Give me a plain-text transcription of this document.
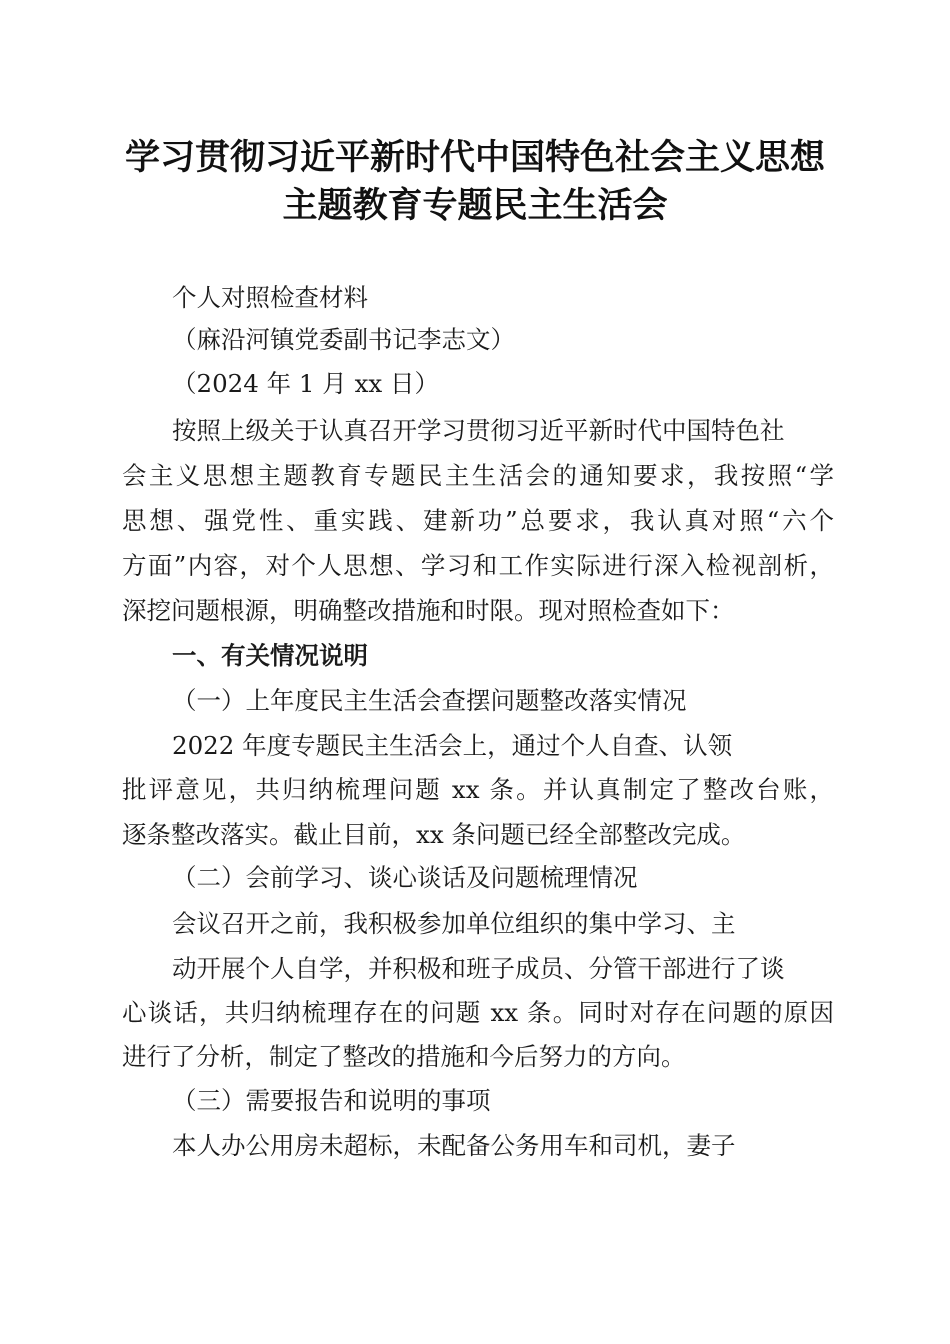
学习贯彻习近平新时代中国特色社会主义思想
主题教育专题民主生活会
个人对照检查材料
（麻沿河镇党委副书记李志文）
（2024 年 1 月 xx 日）
按照上级关于认真召开学习贯彻习近平新时代中国特色社
会主义思想主题教育专题民主生活会的通知要求，我按照“学
思想、强党性、重实践、建新功”总要求，我认真对照“六个
方面”内容，对个人思想、学习和工作实际进行深入检视剖析，
深挖问题根源，明确整改措施和时限。现对照检查如下：
一、有关情况说明
（一）上年度民主生活会查摆问题整改落实情况
2022 年度专题民主生活会上，通过个人自查、认领
批评意见，共归纳梳理问题 xx 条。并认真制定了整改台账，
逐条整改落实。截止目前，xx 条问题已经全部整改完成。
（二）会前学习、谈心谈话及问题梳理情况
会议召开之前，我积极参加单位组织的集中学习、主
动开展个人自学，并积极和班子成员、分管干部进行了谈
心谈话，共归纳梳理存在的问题 xx 条。同时对存在问题的原因
进行了分析，制定了整改的措施和今后努力的方向。
（三）需要报告和说明的事项
本人办公用房未超标，未配备公务用车和司机，妻子
